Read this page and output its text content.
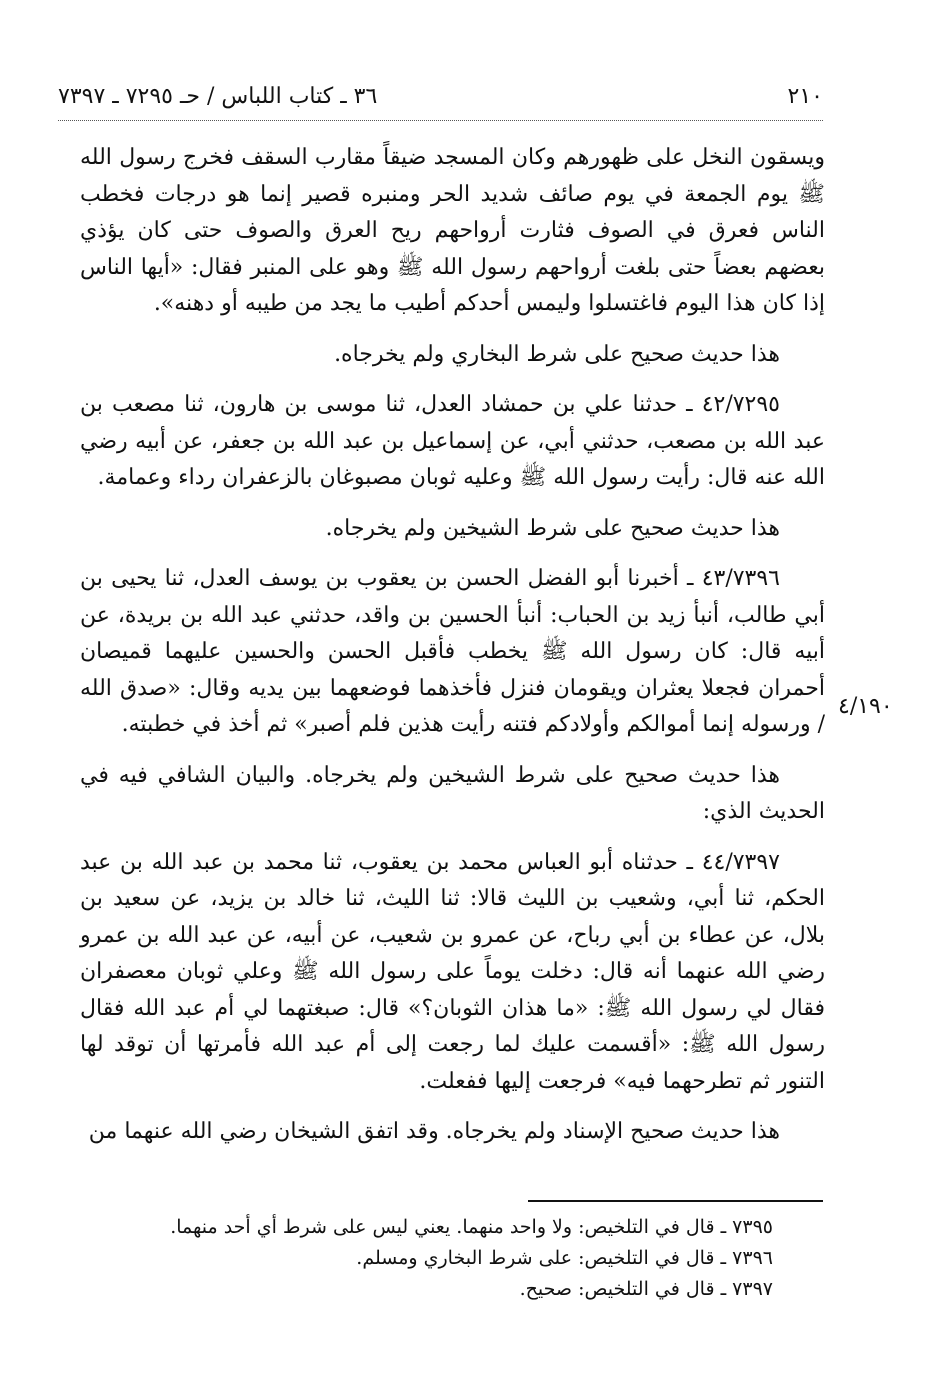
٢١٠
٣٦ ـ كتاب اللباس / حـ ٧٢٩٥ ـ ٧٣٩٧

ويسقون النخل على ظهورهم وكان المسجد ضيقاً مقارب السقف فخرج رسول الله ﷺ يوم الجمعة في يوم صائف شديد الحر ومنبره قصير إنما هو درجات فخطب الناس فعرق في الصوف فثارت أرواحهم ريح العرق والصوف حتى كان يؤذي بعضهم بعضاً حتى بلغت أرواحهم رسول الله ﷺ وهو على المنبر فقال: «أيها الناس إذا كان هذا اليوم فاغتسلوا وليمس أحدكم أطيب ما يجد من طيبه أو دهنه».

هذا حديث صحيح على شرط البخاري ولم يخرجاه.

٤٢/٧٢٩٥ ـ حدثنا علي بن حمشاد العدل، ثنا موسى بن هارون، ثنا مصعب بن عبد الله بن مصعب، حدثني أبي، عن إسماعيل بن عبد الله بن جعفر، عن أبيه رضي الله عنه قال: رأيت رسول الله ﷺ وعليه ثوبان مصبوغان بالزعفران رداء وعمامة.

هذا حديث صحيح على شرط الشيخين ولم يخرجاه.

٤٣/٧٣٩٦ ـ أخبرنا أبو الفضل الحسن بن يعقوب بن يوسف العدل، ثنا يحيى بن أبي طالب، أنبأ زيد بن الحباب: أنبأ الحسين بن واقد، حدثني عبد الله بن بريدة، عن أبيه قال: كان رسول الله ﷺ يخطب فأقبل الحسن والحسين عليهما قميصان أحمران فجعلا يعثران ويقومان فنزل فأخذهما فوضعهما بين يديه وقال: «صدق الله / ورسوله إنما أموالكم وأولادكم فتنه رأيت هذين فلم أصبر» ثم أخذ في خطبته.

هذا حديث صحيح على شرط الشيخين ولم يخرجاه. والبيان الشافي فيه في الحديث الذي:

٤٤/٧٣٩٧ ـ حدثناه أبو العباس محمد بن يعقوب، ثنا محمد بن عبد الله بن عبد الحكم، ثنا أبي، وشعيب بن الليث قالا: ثنا الليث، ثنا خالد بن يزيد، عن سعيد بن بلال، عن عطاء بن أبي رباح، عن عمرو بن شعيب، عن أبيه، عن عبد الله بن عمرو رضي الله عنهما أنه قال: دخلت يوماً على رسول الله ﷺ وعلي ثوبان معصفران فقال لي رسول الله ﷺ: «ما هذان الثوبان؟» قال: صبغتهما لي أم عبد الله فقال رسول الله ﷺ: «أقسمت عليك لما رجعت إلى أم عبد الله فأمرتها أن توقد لها التنور ثم تطرحهما فيه» فرجعت إليها ففعلت.

هذا حديث صحيح الإسناد ولم يخرجاه. وقد اتفق الشيخان رضي الله عنهما من

٤/١٩٠

٧٣٩٥ ـ قال في التلخيص: ولا واحد منهما. يعني ليس على شرط أي أحد منهما.

٧٣٩٦ ـ قال في التلخيص: على شرط البخاري ومسلم.

٧٣٩٧ ـ قال في التلخيص: صحيح.
